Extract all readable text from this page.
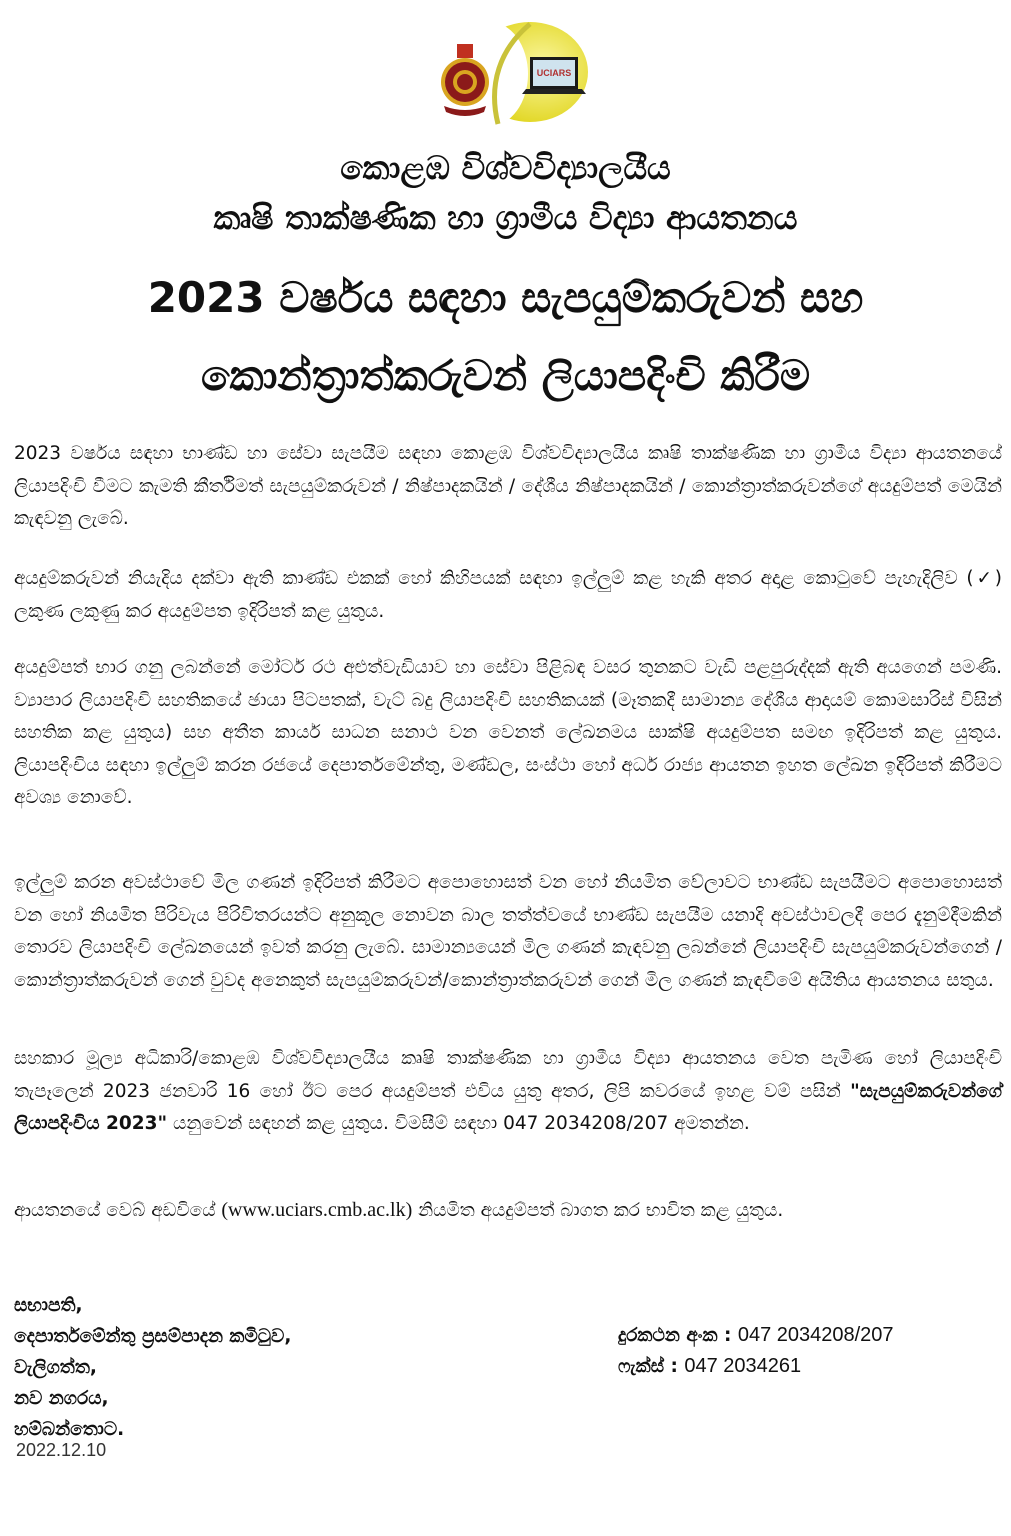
UCIARS
කොළඹ විශ්වවිද්‍යාලයීය
කෘෂි තාක්ෂණික හා ග්‍රාමීය විද්‍යා ආයතනය
2023 වර්ෂය සඳහා සැපයුම්කරුවන් සහ
කොන්ත්‍රාත්කරුවන් ලියාපදිංචි කිරීම

2023 වර්ෂය සඳහා භාණ්ඩ හා සේවා සැපයීම සඳහා කොළඹ විශ්වවිද්‍යාලයීය කෘෂි තාක්ෂණික හා ග්‍රාමීය විද්‍යා ආයතනයේ ලියාපදිංචි වීමට කැමති කීර්තිමත් සැපයුම්කරුවන් / නිෂ්පාදකයින් / දේශීය නිෂ්පාදකයින් / කොන්ත්‍රාත්කරුවන්ගේ අයදුම්පත් මෙයින් කැඳවනු ලැබේ.

අයදුම්කරුවන් නියැදිය දක්වා ඇති කාණ්ඩ එකක් හෝ කිහිපයක් සඳහා ඉල්ලුම් කළ හැකි අතර අදාළ කොටුවේ පැහැදිලිව (✓) ලකුණ ලකුණු කර අයදුම්පත ඉදිරිපත් කළ යුතුය.

අයදුම්පත් භාර ගනු ලබන්නේ මෝටර් රථ අළුත්වැඩියාව හා සේවා පිළිබඳ වසර තුනකට වැඩි පළපුරුද්දක් ඇති අයගෙන් පමණි. ව්‍යාපාර ලියාපදිංචි සහතිකයේ ඡායා පිටපතක්, වැට් බදු ලියාපදිංචි සහතිකයක් (මෑතකදී සාමාන්‍ය දේශීය ආදායම් කොමසාරිස් විසින් සහතික කළ යුතුය) සහ අතීත කාර්ය සාධන සනාථ වන වෙනත් ලේඛනමය සාක්ෂි අයදුම්පත සමඟ ඉදිරිපත් කළ යුතුය. ලියාපදිංචිය සඳහා ඉල්ලුම් කරන රජයේ දෙපාර්තමේන්තු, මණ්ඩල, සංස්ථා හෝ අර්ධ රාජ්‍ය ආයතන ඉහත ලේඛන ඉදිරිපත් කිරීමට අවශ්‍ය නොවේ.

ඉල්ලුම් කරන අවස්ථාවේ මිල ගණන් ඉදිරිපත් කිරීමට අපොහොසත් වන හෝ නියමිත වේලාවට භාණ්ඩ සැපයීමට අපොහොසත් වන හෝ නියමිත පිරිවැය පිරිවිතරයන්ට අනුකූල නොවන බාල තත්ත්වයේ භාණ්ඩ සැපයීම යනාදි අවස්ථාවලදී පෙර දැනුම්දීමකින් තොරව ලියාපදිංචි ලේඛනයෙන් ඉවත් කරනු ලැබේ. සාමාන්‍යයෙන් මිල ගණන් කැඳවනු ලබන්නේ ලියාපදිංචි සැපයුම්කරුවන්ගෙන් / කොන්ත්‍රාත්කරුවන් ගෙන් වුවද අනෙකුත් සැපයුම්කරුවන්/කොන්ත්‍රාත්කරුවන් ගෙන් මිල ගණන් කැඳවීමේ අයිතිය ආයතනය සතුය.

සහකාර මූල්‍ය අධිකාරි/කොළඹ විශ්වවිද්‍යාලයීය කෘෂි තාක්ෂණික හා ග්‍රාමීය විද්‍යා ආයතනය වෙත පැමිණ හෝ ලියාපදිංචි තැපෑලෙන් 2023 ජනවාරි 16 හෝ ඊට පෙර අයදුම්පත් එවිය යුතු අතර, ලිපි කවරයේ ඉහළ වම් පසින් "සැපයුම්කරුවන්ගේ ලියාපදිංචිය 2023" යනුවෙන් සඳහන් කළ යුතුය. විමසීම් සඳහා 047 2034208/207 අමතන්න.

ආයතනයේ වෙබ් අඩවියේ (www.uciars.cmb.ac.lk) නියමිත අයදුම්පත් බාගත කර භාවිත කළ යුතුය.

සභාපති,
දෙපාර්තමේන්තු ප්‍රසම්පාදන කමිටුව,
වැලිගත්ත,
නව නගරය,
හම්බන්තොට.
දුරකථන අංක : 047 2034208/207
ෆැක්ස් : 047 2034261
2022.12.10
